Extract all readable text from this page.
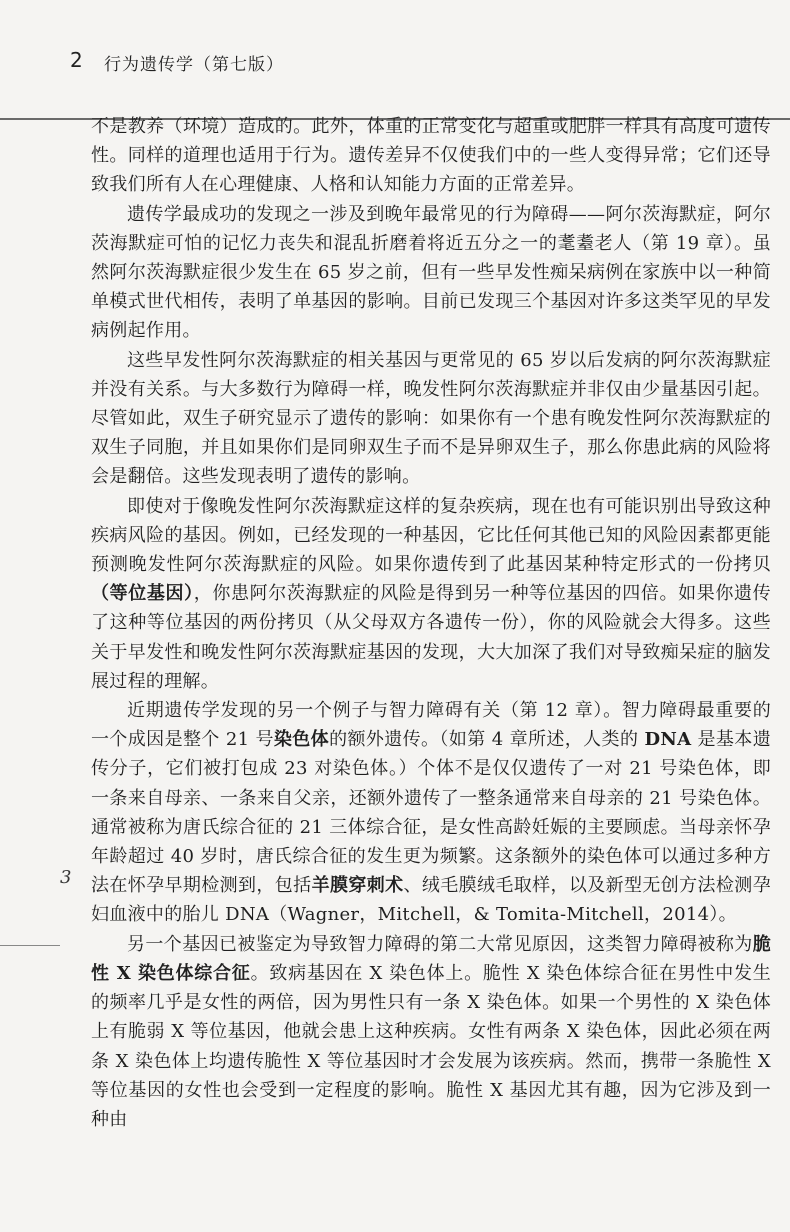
2 行为遗传学（第七版）
3

不是教养（环境）造成的。此外，体重的正常变化与超重或肥胖一样具有高度可遗传性。同样的道理也适用于行为。遗传差异不仅使我们中的一些人变得异常；它们还导致我们所有人在心理健康、人格和认知能力方面的正常差异。

遗传学最成功的发现之一涉及到晚年最常见的行为障碍——阿尔茨海默症，阿尔茨海默症可怕的记忆力丧失和混乱折磨着将近五分之一的耄耋老人（第 19 章）。虽然阿尔茨海默症很少发生在 65 岁之前，但有一些早发性痴呆病例在家族中以一种简单模式世代相传，表明了单基因的影响。目前已发现三个基因对许多这类罕见的早发病例起作用。

这些早发性阿尔茨海默症的相关基因与更常见的 65 岁以后发病的阿尔茨海默症并没有关系。与大多数行为障碍一样，晚发性阿尔茨海默症并非仅由少量基因引起。尽管如此，双生子研究显示了遗传的影响：如果你有一个患有晚发性阿尔茨海默症的双生子同胞，并且如果你们是同卵双生子而不是异卵双生子，那么你患此病的风险将会是翻倍。这些发现表明了遗传的影响。

即使对于像晚发性阿尔茨海默症这样的复杂疾病，现在也有可能识别出导致这种疾病风险的基因。例如，已经发现的一种基因，它比任何其他已知的风险因素都更能预测晚发性阿尔茨海默症的风险。如果你遗传到了此基因某种特定形式的一份拷贝（等位基因），你患阿尔茨海默症的风险是得到另一种等位基因的四倍。如果你遗传了这种等位基因的两份拷贝（从父母双方各遗传一份），你的风险就会大得多。这些关于早发性和晚发性阿尔茨海默症基因的发现，大大加深了我们对导致痴呆症的脑发展过程的理解。

近期遗传学发现的另一个例子与智力障碍有关（第 12 章）。智力障碍最重要的一个成因是整个 21 号染色体的额外遗传。（如第 4 章所述，人类的 DNA 是基本遗传分子，它们被打包成 23 对染色体。）个体不是仅仅遗传了一对 21 号染色体，即一条来自母亲、一条来自父亲，还额外遗传了一整条通常来自母亲的 21 号染色体。通常被称为唐氏综合征的 21 三体综合征，是女性高龄妊娠的主要顾虑。当母亲怀孕年龄超过 40 岁时，唐氏综合征的发生更为频繁。这条额外的染色体可以通过多种方法在怀孕早期检测到，包括羊膜穿刺术、绒毛膜绒毛取样，以及新型无创方法检测孕妇血液中的胎儿 DNA（Wagner，Mitchell，& Tomita-Mitchell，2014）。

另一个基因已被鉴定为导致智力障碍的第二大常见原因，这类智力障碍被称为脆性 X 染色体综合征。致病基因在 X 染色体上。脆性 X 染色体综合征在男性中发生的频率几乎是女性的两倍，因为男性只有一条 X 染色体。如果一个男性的 X 染色体上有脆弱 X 等位基因，他就会患上这种疾病。女性有两条 X 染色体，因此必须在两条 X 染色体上均遗传脆性 X 等位基因时才会发展为该疾病。然而，携带一条脆性 X 等位基因的女性也会受到一定程度的影响。脆性 X 基因尤其有趣，因为它涉及到一种由
